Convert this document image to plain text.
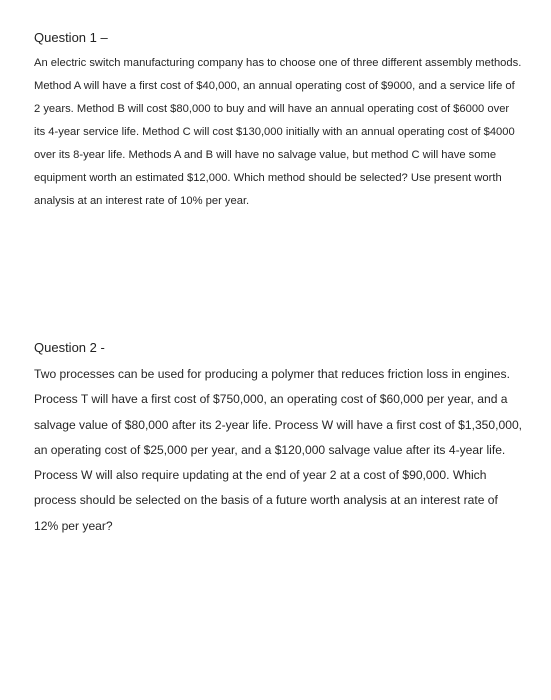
Question 1 –
An electric switch manufacturing company has to choose one of three different assembly methods.
Method A will have a first cost of $40,000, an annual operating cost of $9000, and a service life of
2 years. Method B will cost $80,000 to buy and will have an annual operating cost of $6000 over
its 4-year service life. Method C will cost $130,000 initially with an annual operating cost of $4000
over its 8-year life. Methods A and B will have no salvage value, but method C will have some
equipment worth an estimated $12,000. Which method should be selected? Use present worth
analysis at an interest rate of 10% per year.
Question 2 -
Two processes can be used for producing a polymer that reduces friction loss in engines.
Process T will have a first cost of $750,000, an operating cost of $60,000 per year, and a
salvage value of $80,000 after its 2-year life. Process W will have a first cost of $1,350,000,
an operating cost of $25,000 per year, and a $120,000 salvage value after its 4-year life.
Process W will also require updating at the end of year 2 at a cost of $90,000. Which
process should be selected on the basis of a future worth analysis at an interest rate of
12% per year?
